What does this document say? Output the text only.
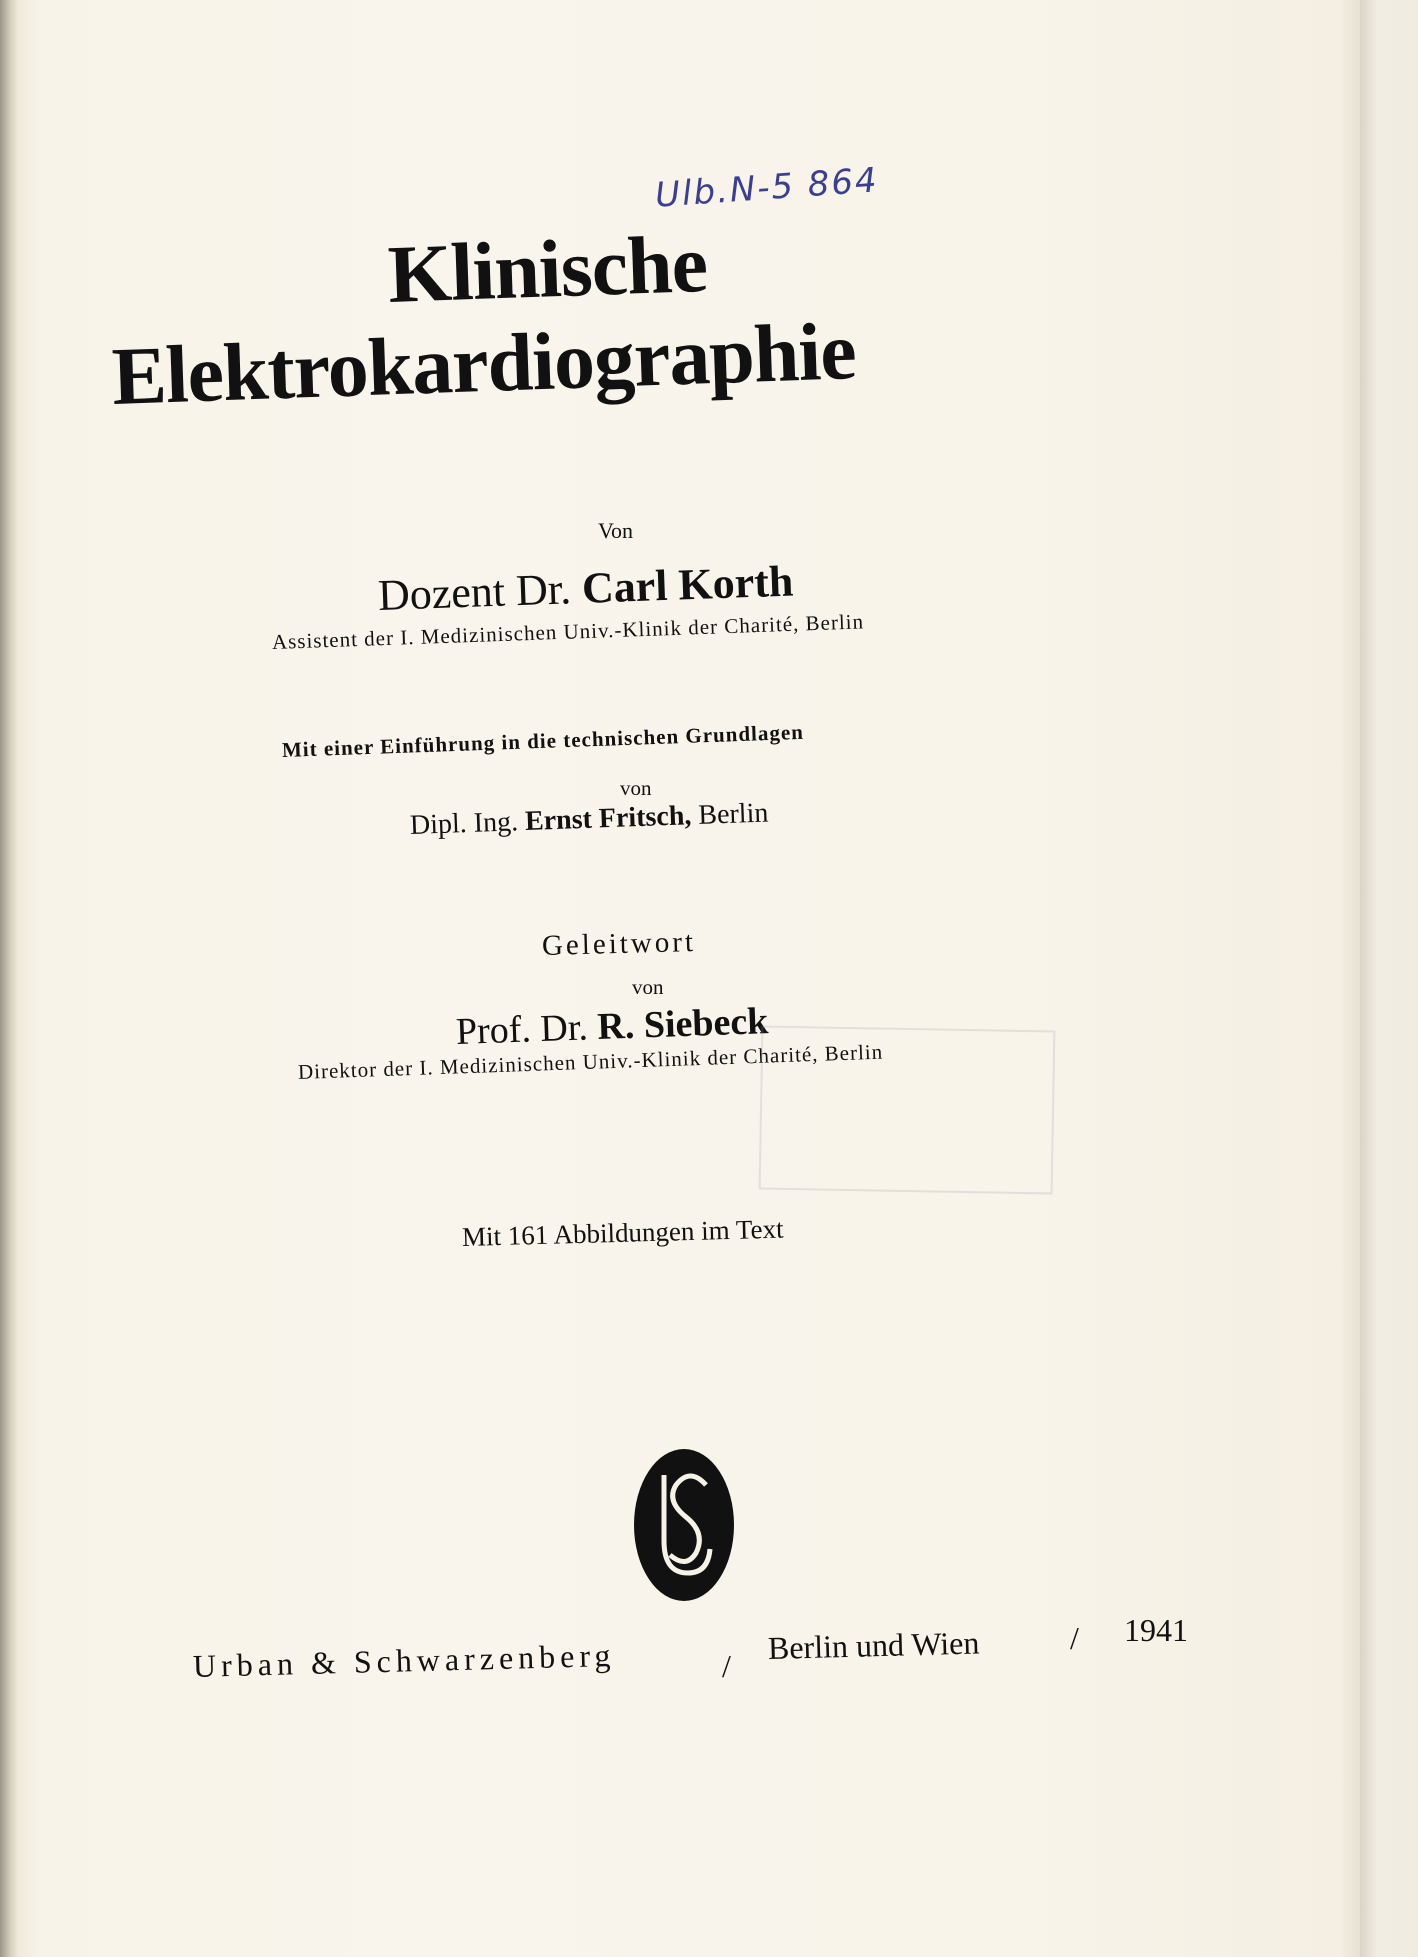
Ulb.N-5 864

Klinische
Elektrokardiographie

Von

Dozent Dr. Carl Korth

Assistent der I. Medizinischen Univ.-Klinik der Charité, Berlin

Mit einer Einführung in die technischen Grundlagen

von

Dipl. Ing. Ernst Fritsch, Berlin

Geleitwort

von

Prof. Dr. R. Siebeck

Direktor der I. Medizinischen Univ.-Klinik der Charité, Berlin

Mit 161 Abbildungen im Text

Urban & Schwarzenberg	/

Berlin und Wien	/ 1941
